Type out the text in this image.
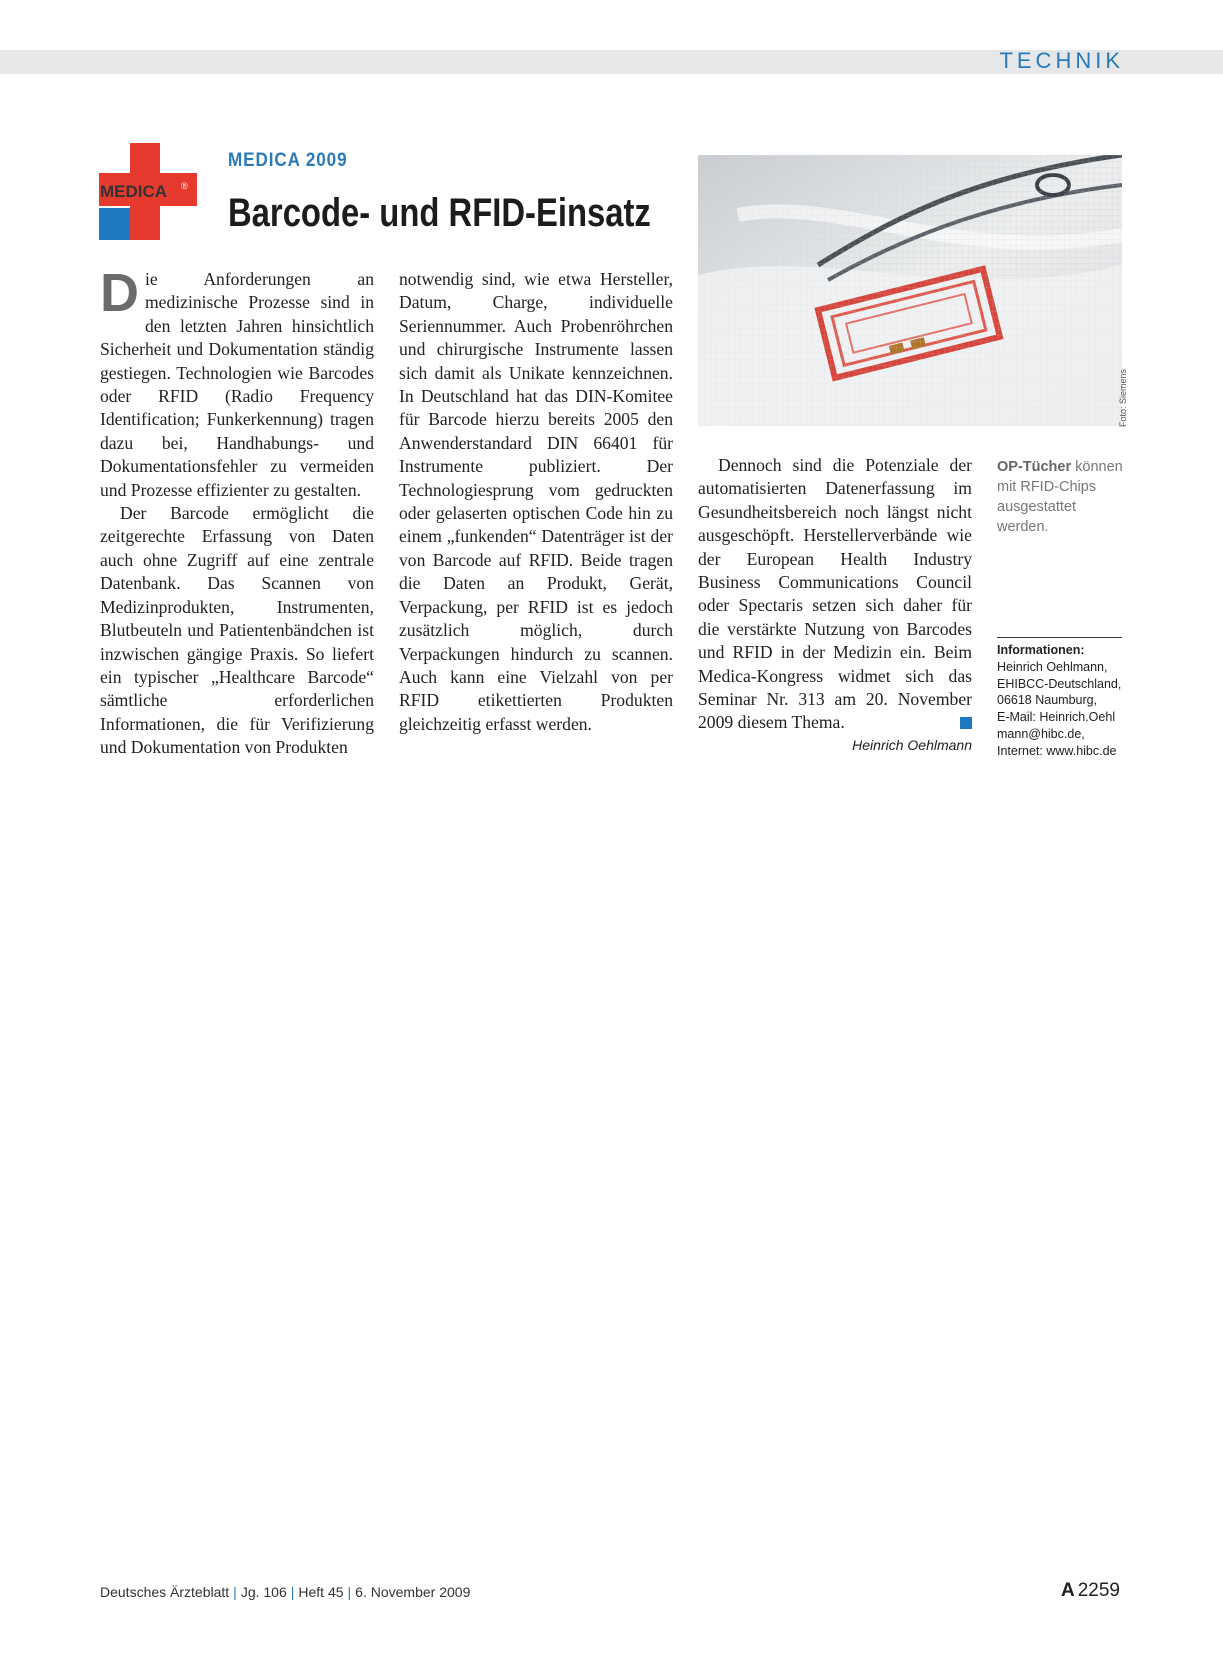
TECHNIK
MEDICA ®
MEDICA 2009
Barcode- und RFID-Einsatz

Die Anforderungen an medizinische Prozesse sind in den letzten Jahren hinsichtlich Sicherheit und Dokumentation ständig gestiegen. Technologien wie Barcodes oder RFID (Radio Frequency Identification; Funkerkennung) tragen dazu bei, Handhabungs- und Dokumentationsfehler zu vermeiden und Prozesse effizienter zu gestalten.

Der Barcode ermöglicht die zeitgerechte Erfassung von Daten auch ohne Zugriff auf eine zentrale Datenbank. Das Scannen von Medizinprodukten, Instrumenten, Blutbeuteln und Patientenbändchen ist inzwischen gängige Praxis. So liefert ein typischer „Healthcare Barcode“ sämtliche erforderlichen Informationen, die für Verifizierung und Dokumentation von Produkten

notwendig sind, wie etwa Hersteller, Datum, Charge, individuelle Seriennummer. Auch Probenröhrchen und chirurgische Instrumente lassen sich damit als Unikate kennzeichnen. In Deutschland hat das DIN-Komitee für Barcode hierzu bereits 2005 den Anwenderstandard DIN 66401 für Instrumente publiziert. Der Technologiesprung vom gedruckten oder gelaserten optischen Code hin zu einem „funkenden“ Datenträger ist der von Barcode auf RFID. Beide tragen die Daten an Produkt, Gerät, Verpackung, per RFID ist es jedoch zusätzlich möglich, durch Verpackungen hindurch zu scannen. Auch kann eine Vielzahl von per RFID etikettierten Produkten gleichzeitig erfasst werden.

Foto: Siemens

Dennoch sind die Potenziale der automatisierten Datenerfassung im Gesundheitsbereich noch längst nicht ausgeschöpft. Herstellerverbände wie der European Health Industry Business Communications Council oder Spectaris setzen sich daher für die verstärkte Nutzung von Barcodes und RFID in der Medizin ein. Beim Medica-Kongress widmet sich das Seminar Nr. 313 am 20. November 2009 diesem Thema.

Heinrich Oehlmann
OP-Tücher können mit RFID-Chips ausgestattet werden.
Informationen:
Heinrich Oehlmann,
EHIBCC-Deutschland,
06618 Naumburg,
E-Mail: Heinrich.Oehl
mann@hibc.de,
Internet: www.hibc.de
Deutsches Ärzteblatt | Jg. 106 | Heft 45 | 6. November 2009	A 2259
